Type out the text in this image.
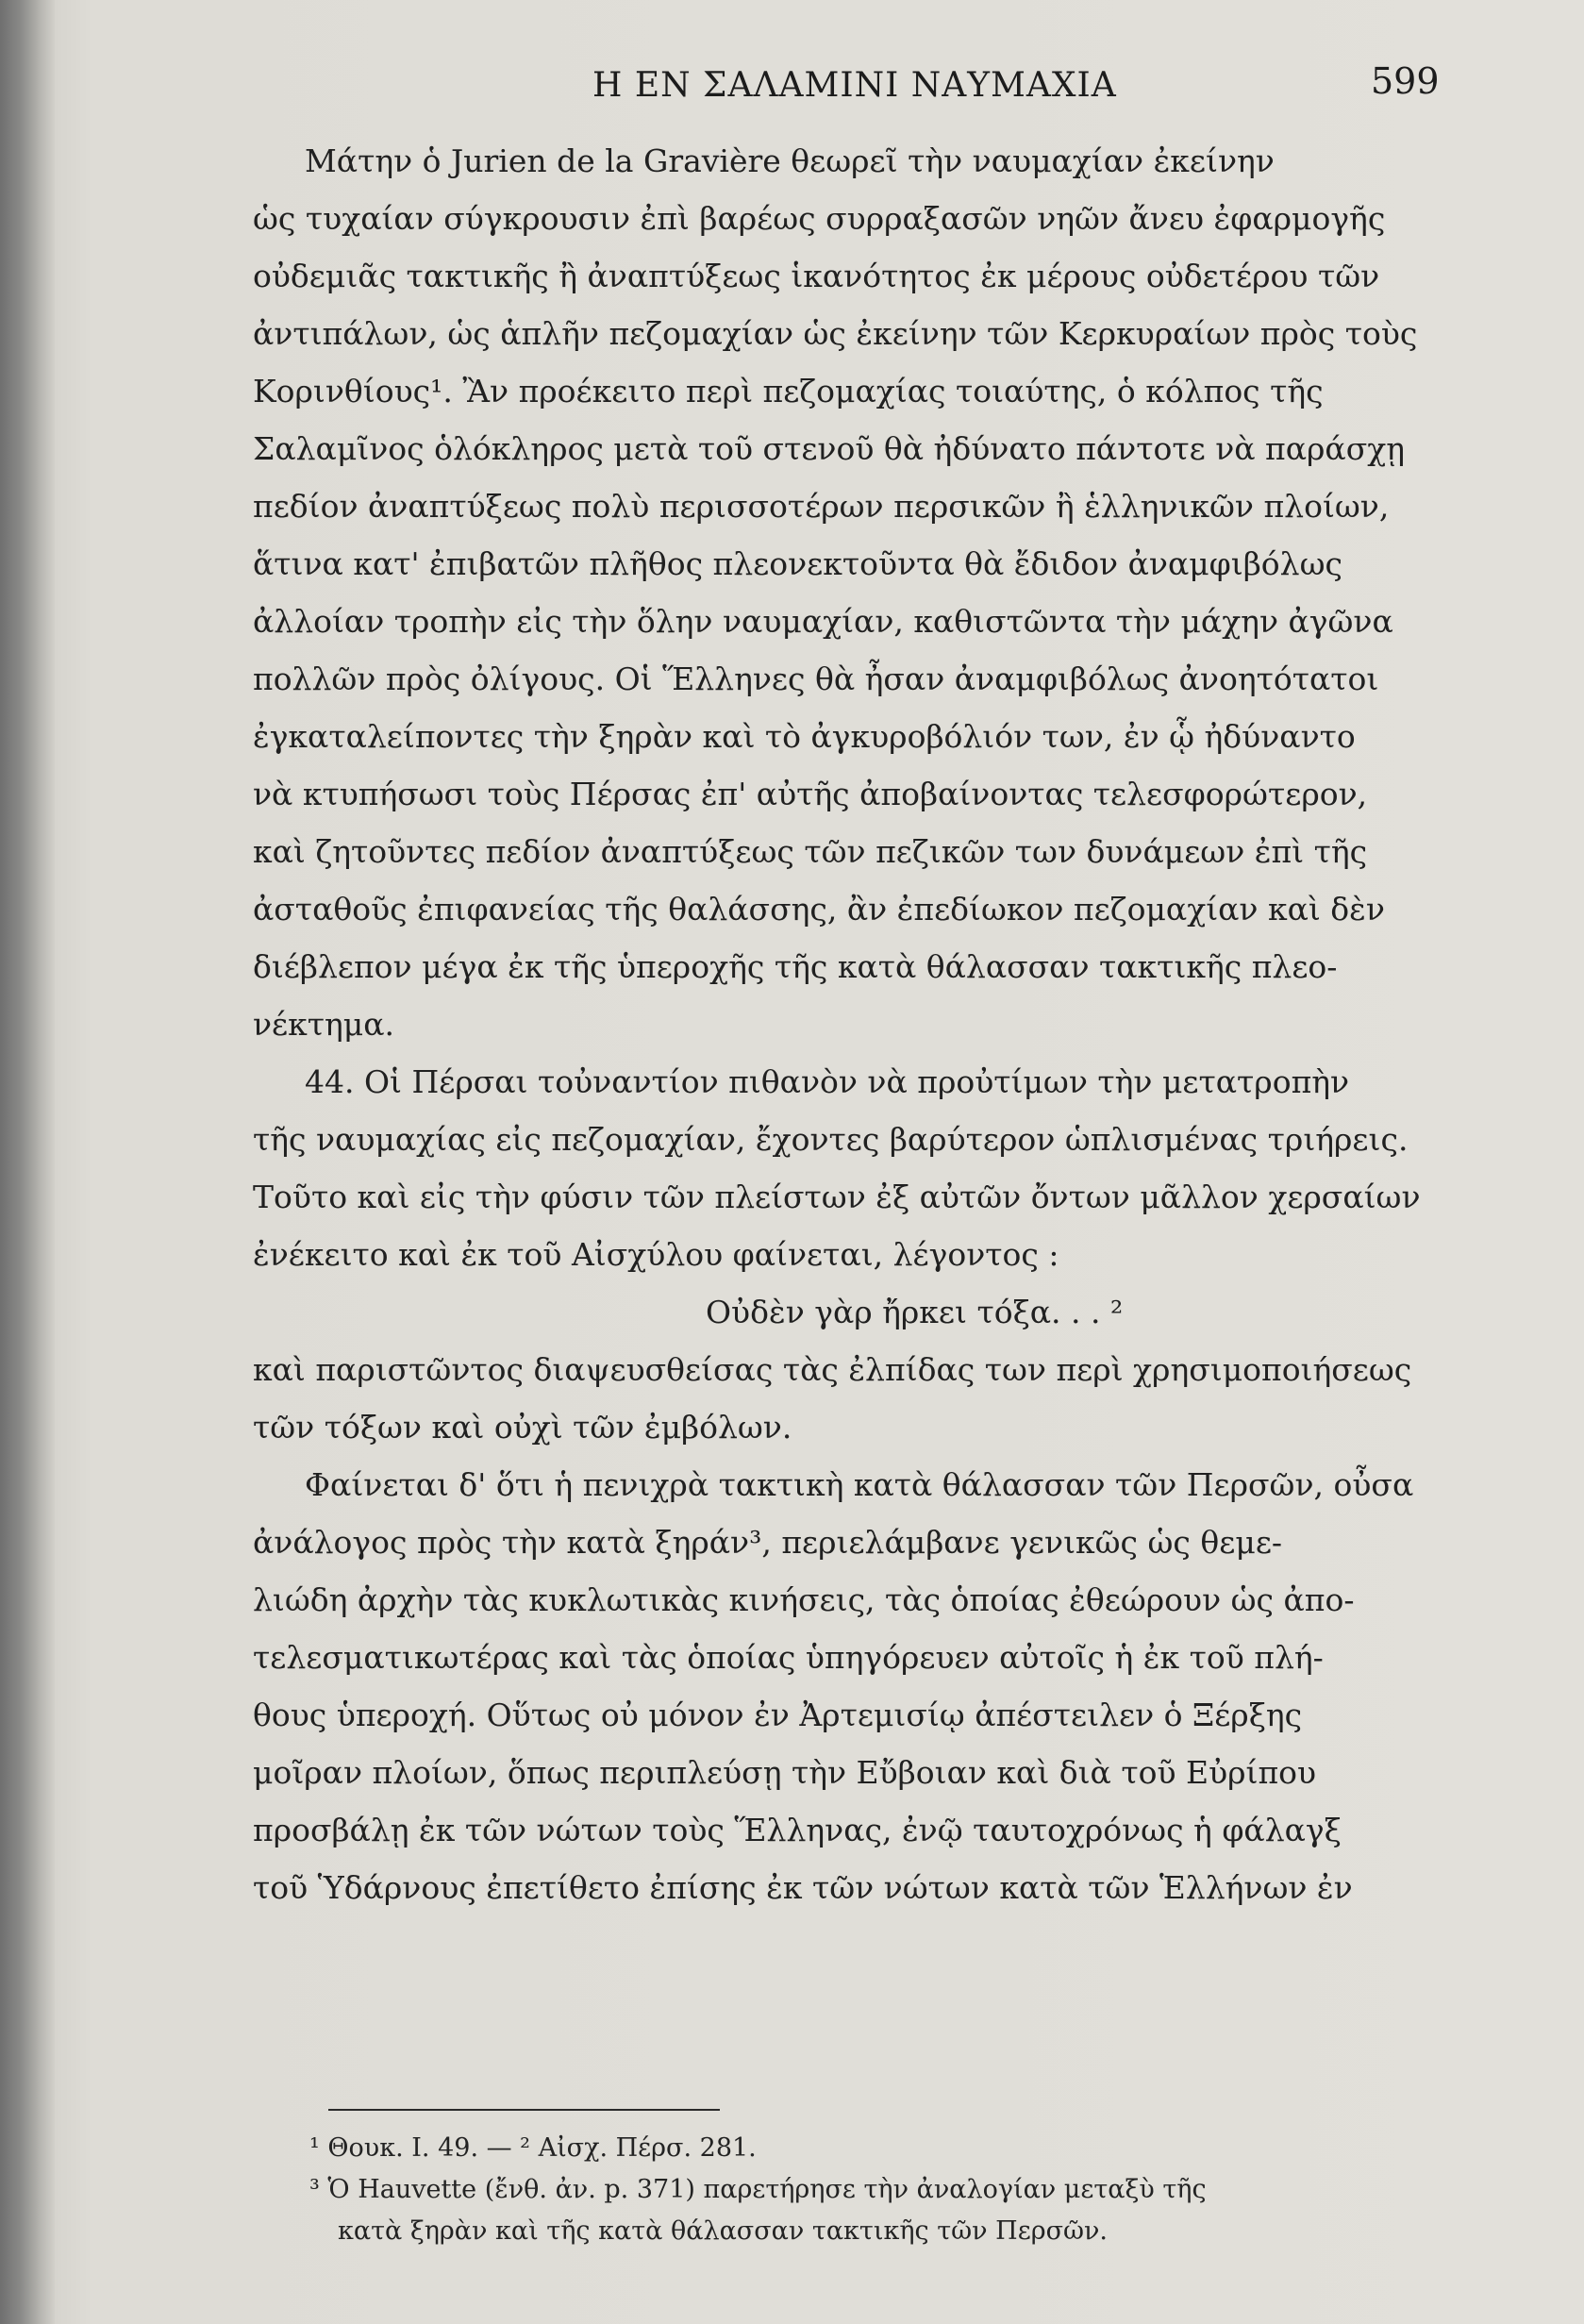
Η ΕΝ ΣΑΛΑΜΙΝΙ ΝΑΥΜΑΧΙΑ	599
Μάτην ὁ Jurien de la Gravière θεωρεῖ τὴν ναυμαχίαν ἐκείνην
ὡς τυχαίαν σύγκρουσιν ἐπὶ βαρέως συρραξασῶν νηῶν ἄνευ ἐφαρμογῆς
οὐδεμιᾶς τακτικῆς ἢ ἀναπτύξεως ἱκανότητος ἐκ μέρους οὐδετέρου τῶν
ἀντιπάλων, ὡς ἁπλῆν πεζομαχίαν ὡς ἐκείνην τῶν Κερκυραίων πρὸς τοὺς
Κορινθίους¹. Ἂν προέκειτο περὶ πεζομαχίας τοιαύτης, ὁ κόλπος τῆς
Σαλαμῖνος ὁλόκληρος μετὰ τοῦ στενοῦ θὰ ἠδύνατο πάντοτε νὰ παράσχῃ
πεδίον ἀναπτύξεως πολὺ περισσοτέρων περσικῶν ἢ ἑλληνικῶν πλοίων,
ἅτινα κατ' ἐπιβατῶν πλῆθος πλεονεκτοῦντα θὰ ἔδιδον ἀναμφιβόλως
ἀλλοίαν τροπὴν εἰς τὴν ὅλην ναυμαχίαν, καθιστῶντα τὴν μάχην ἀγῶνα
πολλῶν πρὸς ὀλίγους. Οἱ Ἕλληνες θὰ ἦσαν ἀναμφιβόλως ἀνοητότατοι
ἐγκαταλείποντες τὴν ξηρὰν καὶ τὸ ἀγκυροβόλιόν των, ἐν ᾧ ἠδύναντο
νὰ κτυπήσωσι τοὺς Πέρσας ἐπ' αὐτῆς ἀποβαίνοντας τελεσφορώτερον,
καὶ ζητοῦντες πεδίον ἀναπτύξεως τῶν πεζικῶν των δυνάμεων ἐπὶ τῆς
ἀσταθοῦς ἐπιφανείας τῆς θαλάσσης, ἂν ἐπεδίωκον πεζομαχίαν καὶ δὲν
διέβλεπον μέγα ἐκ τῆς ὑπεροχῆς τῆς κατὰ θάλασσαν τακτικῆς πλεο-
νέκτημα.
44. Οἱ Πέρσαι τοὐναντίον πιθανὸν νὰ προὐτίμων τὴν μετατροπὴν
τῆς ναυμαχίας εἰς πεζομαχίαν, ἔχοντες βαρύτερον ὡπλισμένας τριήρεις.
Τοῦτο καὶ εἰς τὴν φύσιν τῶν πλείστων ἐξ αὐτῶν ὄντων μᾶλλον χερσαίων
ἐνέκειτο καὶ ἐκ τοῦ Αἰσχύλου φαίνεται, λέγοντος :
Οὐδὲν γὰρ ἤρκει τόξα. . . ²
καὶ παριστῶντος διαψευσθείσας τὰς ἐλπίδας των περὶ χρησιμοποιήσεως
τῶν τόξων καὶ οὐχὶ τῶν ἐμβόλων.
Φαίνεται δ' ὅτι ἡ πενιχρὰ τακτικὴ κατὰ θάλασσαν τῶν Περσῶν, οὖσα
ἀνάλογος πρὸς τὴν κατὰ ξηράν³, περιελάμβανε γενικῶς ὡς θεμε-
λιώδη ἀρχὴν τὰς κυκλωτικὰς κινήσεις, τὰς ὁποίας ἐθεώρουν ὡς ἀπο-
τελεσματικωτέρας καὶ τὰς ὁποίας ὑπηγόρευεν αὐτοῖς ἡ ἐκ τοῦ πλή-
θους ὑπεροχή. Οὕτως οὐ μόνον ἐν Ἀρτεμισίῳ ἀπέστειλεν ὁ Ξέρξης
μοῖραν πλοίων, ὅπως περιπλεύσῃ τὴν Εὔβοιαν καὶ διὰ τοῦ Εὐρίπου
προσβάλῃ ἐκ τῶν νώτων τοὺς Ἕλληνας, ἐνῷ ταυτοχρόνως ἡ φάλαγξ
τοῦ Ὑδάρνους ἐπετίθετο ἐπίσης ἐκ τῶν νώτων κατὰ τῶν Ἑλλήνων ἐν
¹ Θουκ. Ι. 49. — ² Αἰσχ. Πέρσ. 281.
³ Ὁ Hauvette (ἔνθ. ἀν. p. 371) παρετήρησε τὴν ἀναλογίαν μεταξὺ τῆς
κατὰ ξηρὰν καὶ τῆς κατὰ θάλασσαν τακτικῆς τῶν Περσῶν.
